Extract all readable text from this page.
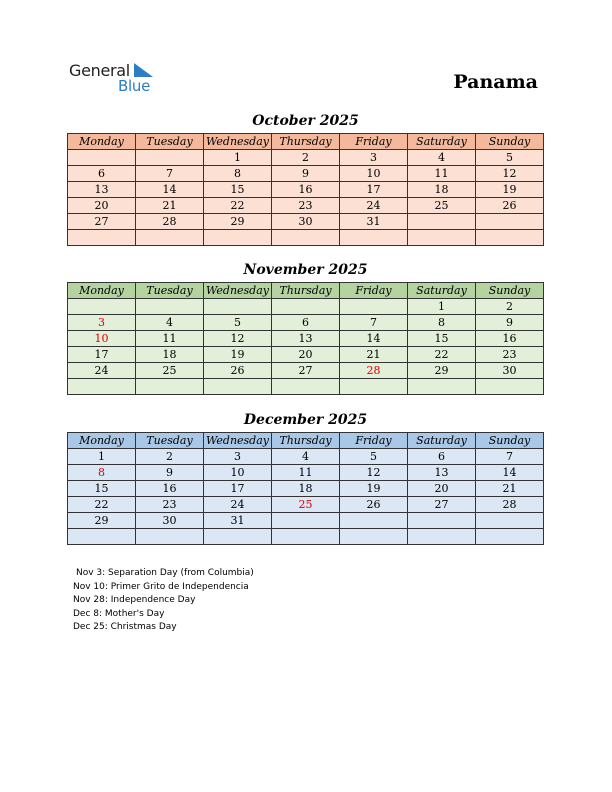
General
Blue	Panama
October 2025
Monday	Tuesday	Wednesday	Thursday	Friday	Saturday	Sunday
		1	2	3	4	5
6	7	8	9	10	11	12
13	14	15	16	17	18	19
20	21	22	23	24	25	26
27	28	29	30	31		

November 2025
Monday	Tuesday	Wednesday	Thursday	Friday	Saturday	Sunday
					1	2
3	4	5	6	7	8	9
10	11	12	13	14	15	16
17	18	19	20	21	22	23
24	25	26	27	28	29	30

December 2025
Monday	Tuesday	Wednesday	Thursday	Friday	Saturday	Sunday
1	2	3	4	5	6	7
8	9	10	11	12	13	14
15	16	17	18	19	20	21
22	23	24	25	26	27	28
29	30	31				

Nov 3: Separation Day (from Columbia)
Nov 10: Primer Grito de Independencia
Nov 28: Independence Day
Dec 8: Mother's Day
Dec 25: Christmas Day
